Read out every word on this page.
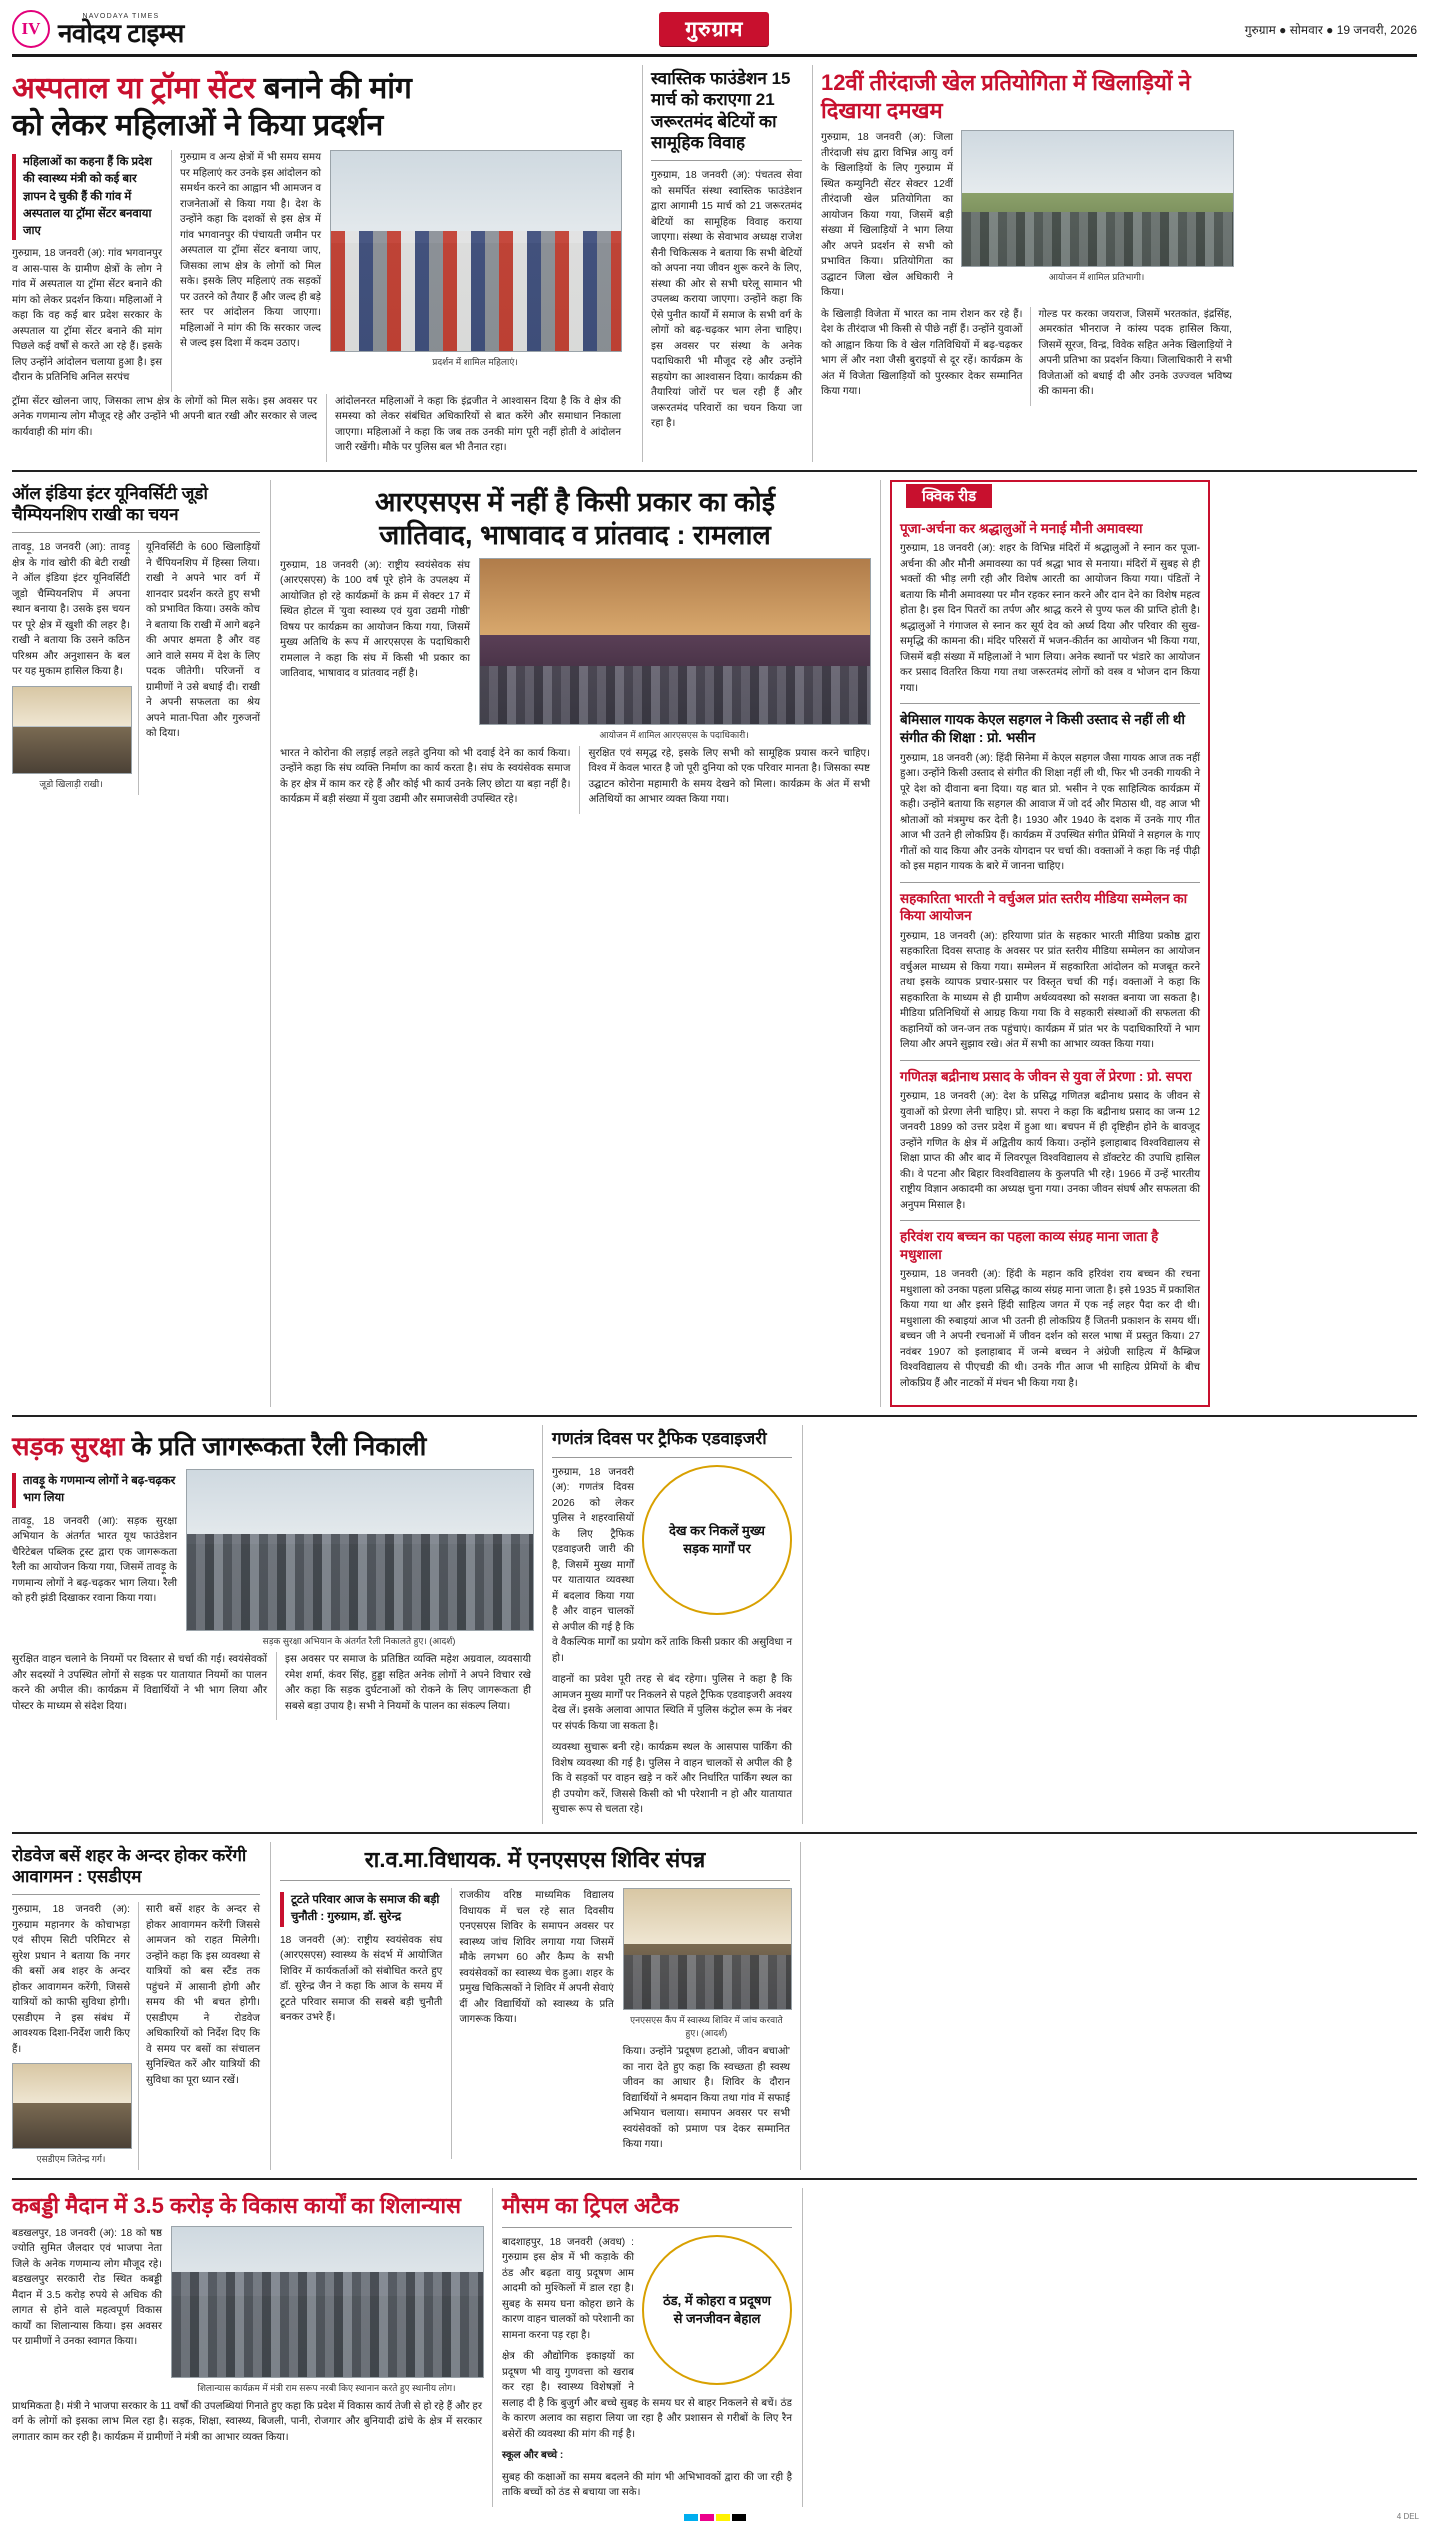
IV
NAVODAYA TIMES
नवोदय टाइम्स	गुरुग्राम	गुरुग्राम ● सोमवार ● 19 जनवरी, 2026
अस्पताल या ट्रॉमा सेंटर बनाने की मांग
को लेकर महिलाओं ने किया प्रदर्शन
महिलाओं का कहना हैं कि प्रदेश की स्वास्थ्य मंत्री को कई बार ज्ञापन दे चुकी हैं की गांव में अस्पताल या ट्रॉमा सेंटर बनवाया जाए

गुरुग्राम, 18 जनवरी (अ): गांव भगवानपुर व आस-पास के ग्रामीण क्षेत्रों के लोग ने गांव में अस्पताल या ट्रॉमा सेंटर बनाने की मांग को लेकर प्रदर्शन किया। महिलाओं ने कहा कि वह कई बार प्रदेश सरकार के अस्पताल या ट्रॉमा सेंटर बनाने की मांग पिछले कई वर्षों से करते आ रहे हैं। इसके लिए उन्होंने आंदोलन चलाया हुआ है। इस दौरान के प्रतिनिधि अनिल सरपंच

गुरुग्राम व अन्य क्षेत्रों में भी समय समय पर महिलाएं कर उनके इस आंदोलन को समर्थन करने का आह्वान भी आमजन व राजनेताओं से किया गया है। देश के उन्होंने कहा कि दशकों से इस क्षेत्र में गांव भगवानपुर की पंचायती जमीन पर अस्पताल या ट्रॉमा सेंटर बनाया जाए, जिसका लाभ क्षेत्र के लोगों को मिल सके। इसके लिए महिलाएं तक सड़कों पर उतरने को तैयार हैं और जल्द ही बड़े स्तर पर आंदोलन किया जाएगा। महिलाओं ने मांग की कि सरकार जल्द से जल्द इस दिशा में कदम उठाए।

प्रदर्शन में शामिल महिलाएं।

ट्रॉमा सेंटर खोलना जाए, जिसका लाभ क्षेत्र के लोगों को मिल सके। इस अवसर पर अनेक गणमान्य लोग मौजूद रहे और उन्होंने भी अपनी बात रखी और सरकार से जल्द कार्यवाही की मांग की।

आंदोलनरत महिलाओं ने कहा कि इंद्रजीत ने आश्वासन दिया है कि वे क्षेत्र की समस्या को लेकर संबंधित अधिकारियों से बात करेंगे और समाधान निकाला जाएगा। महिलाओं ने कहा कि जब तक उनकी मांग पूरी नहीं होती वे आंदोलन जारी रखेंगी। मौके पर पुलिस बल भी तैनात रहा।

स्वास्तिक फाउंडेशन 15 मार्च को कराएगा 21 जरूरतमंद बेटियों का सामूहिक विवाह

गुरुग्राम, 18 जनवरी (अ): पंचतत्व सेवा को समर्पित संस्था स्वास्तिक फाउंडेशन द्वारा आगामी 15 मार्च को 21 जरूरतमंद बेटियों का सामूहिक विवाह कराया जाएगा। संस्था के सेवाभाव अध्यक्ष राजेश सैनी चिकित्सक ने बताया कि सभी बेटियों को अपना नया जीवन शुरू करने के लिए, संस्था की ओर से सभी घरेलू सामान भी उपलब्ध कराया जाएगा। उन्होंने कहा कि ऐसे पुनीत कार्यों में समाज के सभी वर्ग के लोगों को बढ़-चढ़कर भाग लेना चाहिए। इस अवसर पर संस्था के अनेक पदाधिकारी भी मौजूद रहे और उन्होंने सहयोग का आश्वासन दिया। कार्यक्रम की तैयारियां जोरों पर चल रही हैं और जरूरतमंद परिवारों का चयन किया जा रहा है।

12वीं तीरंदाजी खेल प्रतियोगिता में खिलाड़ियों ने दिखाया दमखम

गुरुग्राम, 18 जनवरी (अ): जिला तीरंदाजी संघ द्वारा विभिन्न आयु वर्ग के खिलाड़ियों के लिए गुरुग्राम में स्थित कम्युनिटी सेंटर सेक्टर 12वीं तीरंदाजी खेल प्रतियोगिता का आयोजन किया गया, जिसमें बड़ी संख्या में खिलाड़ियों ने भाग लिया और अपने प्रदर्शन से सभी को प्रभावित किया। प्रतियोगिता का उद्घाटन जिला खेल अधिकारी ने किया।

आयोजन में शामिल प्रतिभागी।

के खिलाड़ी विजेता में भारत का नाम रोशन कर रहे हैं। देश के तीरंदाज भी किसी से पीछे नहीं हैं। उन्होंने युवाओं को आह्वान किया कि वे खेल गतिविधियों में बढ़-चढ़कर भाग लें और नशा जैसी बुराइयों से दूर रहें। कार्यक्रम के अंत में विजेता खिलाड़ियों को पुरस्कार देकर सम्मानित किया गया।

गोल्ड पर करका जयराज, जिसमें भरतकांत, इंद्रसिंह, अमरकांत भीनराज ने कांस्य पदक हासिल किया, जिसमें सूरज, विन्द्र, विवेक सहित अनेक खिलाड़ियों ने अपनी प्रतिभा का प्रदर्शन किया। जिलाधिकारी ने सभी विजेताओं को बधाई दी और उनके उज्ज्वल भविष्य की कामना की।

ऑल इंडिया इंटर यूनिवर्सिटी जूडो चैम्पियनशिप राखी का चयन

तावड़ू, 18 जनवरी (आ): तावड़ू क्षेत्र के गांव खोरी की बेटी राखी ने ऑल इंडिया इंटर यूनिवर्सिटी जूडो चैम्पियनशिप में अपना स्थान बनाया है। उसके इस चयन पर पूरे क्षेत्र में खुशी की लहर है। राखी ने बताया कि उसने कठिन परिश्रम और अनुशासन के बल पर यह मुकाम हासिल किया है।

जूडो खिलाड़ी राखी।

यूनिवर्सिटी के 600 खिलाड़ियों ने चैंपियनशिप में हिस्सा लिया। राखी ने अपने भार वर्ग में शानदार प्रदर्शन करते हुए सभी को प्रभावित किया। उसके कोच ने बताया कि राखी में आगे बढ़ने की अपार क्षमता है और वह आने वाले समय में देश के लिए पदक जीतेगी। परिजनों व ग्रामीणों ने उसे बधाई दी। राखी ने अपनी सफलता का श्रेय अपने माता-पिता और गुरुजनों को दिया।

आरएसएस में नहीं है किसी प्रकार का कोई
जातिवाद, भाषावाद व प्रांतवाद : रामलाल

गुरुग्राम, 18 जनवरी (अ): राष्ट्रीय स्वयंसेवक संघ (आरएसएस) के 100 वर्ष पूरे होने के उपलक्ष्य में आयोजित हो रहे कार्यक्रमों के क्रम में सेक्टर 17 में स्थित होटल में 'युवा स्वास्थ्य एवं युवा उद्यमी गोष्ठी' विषय पर कार्यक्रम का आयोजन किया गया, जिसमें मुख्य अतिथि के रूप में आरएसएस के पदाधिकारी रामलाल ने कहा कि संघ में किसी भी प्रकार का जातिवाद, भाषावाद व प्रांतवाद नहीं है।

आयोजन में शामिल आरएसएस के पदाधिकारी।

भारत ने कोरोना की लड़ाई लड़ते लड़ते दुनिया को भी दवाई देने का कार्य किया। उन्होंने कहा कि संघ व्यक्ति निर्माण का कार्य करता है। संघ के स्वयंसेवक समाज के हर क्षेत्र में काम कर रहे हैं और कोई भी कार्य उनके लिए छोटा या बड़ा नहीं है। कार्यक्रम में बड़ी संख्या में युवा उद्यमी और समाजसेवी उपस्थित रहे।

सुरक्षित एवं समृद्ध रहे, इसके लिए सभी को सामूहिक प्रयास करने चाहिए। विश्व में केवल भारत है जो पूरी दुनिया को एक परिवार मानता है। जिसका स्पष्ट उद्घाटन कोरोना महामारी के समय देखने को मिला। कार्यक्रम के अंत में सभी अतिथियों का आभार व्यक्त किया गया।

क्विक रीड
पूजा-अर्चना कर श्रद्धालुओं ने मनाई मौनी अमावस्या

गुरुग्राम, 18 जनवरी (अ): शहर के विभिन्न मंदिरों में श्रद्धालुओं ने स्नान कर पूजा-अर्चना की और मौनी अमावस्या का पर्व श्रद्धा भाव से मनाया। मंदिरों में सुबह से ही भक्तों की भीड़ लगी रही और विशेष आरती का आयोजन किया गया। पंडितों ने बताया कि मौनी अमावस्या पर मौन रहकर स्नान करने और दान देने का विशेष महत्व होता है। इस दिन पितरों का तर्पण और श्राद्ध करने से पुण्य फल की प्राप्ति होती है। श्रद्धालुओं ने गंगाजल से स्नान कर सूर्य देव को अर्घ्य दिया और परिवार की सुख-समृद्धि की कामना की। मंदिर परिसरों में भजन-कीर्तन का आयोजन भी किया गया, जिसमें बड़ी संख्या में महिलाओं ने भाग लिया। अनेक स्थानों पर भंडारे का आयोजन कर प्रसाद वितरित किया गया तथा जरूरतमंद लोगों को वस्त्र व भोजन दान किया गया।

बेमिसाल गायक केएल सहगल ने किसी उस्ताद से नहीं ली थी संगीत की शिक्षा : प्रो. भसीन

गुरुग्राम, 18 जनवरी (अ): हिंदी सिनेमा में केएल सहगल जैसा गायक आज तक नहीं हुआ। उन्होंने किसी उस्ताद से संगीत की शिक्षा नहीं ली थी, फिर भी उनकी गायकी ने पूरे देश को दीवाना बना दिया। यह बात प्रो. भसीन ने एक साहित्यिक कार्यक्रम में कही। उन्होंने बताया कि सहगल की आवाज में जो दर्द और मिठास थी, वह आज भी श्रोताओं को मंत्रमुग्ध कर देती है। 1930 और 1940 के दशक में उनके गाए गीत आज भी उतने ही लोकप्रिय हैं। कार्यक्रम में उपस्थित संगीत प्रेमियों ने सहगल के गाए गीतों को याद किया और उनके योगदान पर चर्चा की। वक्ताओं ने कहा कि नई पीढ़ी को इस महान गायक के बारे में जानना चाहिए।

सहकारिता भारती ने वर्चुअल प्रांत स्तरीय मीडिया सम्मेलन का किया आयोजन

गुरुग्राम, 18 जनवरी (अ): हरियाणा प्रांत के सहकार भारती मीडिया प्रकोष्ठ द्वारा सहकारिता दिवस सप्ताह के अवसर पर प्रांत स्तरीय मीडिया सम्मेलन का आयोजन वर्चुअल माध्यम से किया गया। सम्मेलन में सहकारिता आंदोलन को मजबूत करने तथा इसके व्यापक प्रचार-प्रसार पर विस्तृत चर्चा की गई। वक्ताओं ने कहा कि सहकारिता के माध्यम से ही ग्रामीण अर्थव्यवस्था को सशक्त बनाया जा सकता है। मीडिया प्रतिनिधियों से आग्रह किया गया कि वे सहकारी संस्थाओं की सफलता की कहानियों को जन-जन तक पहुंचाएं। कार्यक्रम में प्रांत भर के पदाधिकारियों ने भाग लिया और अपने सुझाव रखे। अंत में सभी का आभार व्यक्त किया गया।

गणितज्ञ बद्रीनाथ प्रसाद के जीवन से युवा लें प्रेरणा : प्रो. सपरा

गुरुग्राम, 18 जनवरी (अ): देश के प्रसिद्ध गणितज्ञ बद्रीनाथ प्रसाद के जीवन से युवाओं को प्रेरणा लेनी चाहिए। प्रो. सपरा ने कहा कि बद्रीनाथ प्रसाद का जन्म 12 जनवरी 1899 को उत्तर प्रदेश में हुआ था। बचपन में ही दृष्टिहीन होने के बावजूद उन्होंने गणित के क्षेत्र में अद्वितीय कार्य किया। उन्होंने इलाहाबाद विश्वविद्यालय से शिक्षा प्राप्त की और बाद में लिवरपूल विश्वविद्यालय से डॉक्टरेट की उपाधि हासिल की। वे पटना और बिहार विश्वविद्यालय के कुलपति भी रहे। 1966 में उन्हें भारतीय राष्ट्रीय विज्ञान अकादमी का अध्यक्ष चुना गया। उनका जीवन संघर्ष और सफलता की अनुपम मिसाल है।

हरिवंश राय बच्चन का पहला काव्य संग्रह माना जाता है मधुशाला

गुरुग्राम, 18 जनवरी (अ): हिंदी के महान कवि हरिवंश राय बच्चन की रचना मधुशाला को उनका पहला प्रसिद्ध काव्य संग्रह माना जाता है। इसे 1935 में प्रकाशित किया गया था और इसने हिंदी साहित्य जगत में एक नई लहर पैदा कर दी थी। मधुशाला की रुबाइयां आज भी उतनी ही लोकप्रिय हैं जितनी प्रकाशन के समय थीं। बच्चन जी ने अपनी रचनाओं में जीवन दर्शन को सरल भाषा में प्रस्तुत किया। 27 नवंबर 1907 को इलाहाबाद में जन्मे बच्चन ने अंग्रेजी साहित्य में कैम्ब्रिज विश्वविद्यालय से पीएचडी की थी। उनके गीत आज भी साहित्य प्रेमियों के बीच लोकप्रिय हैं और नाटकों में मंचन भी किया गया है।

सड़क सुरक्षा के प्रति जागरूकता रैली निकाली
तावड़ू के गणमान्य लोगों ने बढ़-चढ़कर भाग लिया

तावड़ू, 18 जनवरी (आ): सड़क सुरक्षा अभियान के अंतर्गत भारत यूथ फाउंडेशन चैरिटेबल पब्लिक ट्रस्ट द्वारा एक जागरूकता रैली का आयोजन किया गया, जिसमें तावड़ू के गणमान्य लोगों ने बढ़-चढ़कर भाग लिया। रैली को हरी झंडी दिखाकर रवाना किया गया।

सड़क सुरक्षा अभियान के अंतर्गत रैली निकालते हुए। (आदर्श)

सुरक्षित वाहन चलाने के नियमों पर विस्तार से चर्चा की गई। स्वयंसेवकों और सदस्यों ने उपस्थित लोगों से सड़क पर यातायात नियमों का पालन करने की अपील की। कार्यक्रम में विद्यार्थियों ने भी भाग लिया और पोस्टर के माध्यम से संदेश दिया।

इस अवसर पर समाज के प्रतिष्ठित व्यक्ति महेश अग्रवाल, व्यवसायी रमेश शर्मा, कंवर सिंह, हुड्डा सहित अनेक लोगों ने अपने विचार रखे और कहा कि सड़क दुर्घटनाओं को रोकने के लिए जागरूकता ही सबसे बड़ा उपाय है। सभी ने नियमों के पालन का संकल्प लिया।

गणतंत्र दिवस पर ट्रैफिक एडवाइजरी
देख कर निकलें मुख्य सड़क मार्गों पर

गुरुग्राम, 18 जनवरी (अ): गणतंत्र दिवस 2026 को लेकर पुलिस ने शहरवासियों के लिए ट्रैफिक एडवाइजरी जारी की है, जिसमें मुख्य मार्गों पर यातायात व्यवस्था में बदलाव किया गया है और वाहन चालकों से अपील की गई है कि वे वैकल्पिक मार्गों का प्रयोग करें ताकि किसी प्रकार की असुविधा न हो।

वाहनों का प्रवेश पूरी तरह से बंद रहेगा। पुलिस ने कहा है कि आमजन मुख्य मार्गों पर निकलने से पहले ट्रैफिक एडवाइजरी अवश्य देख लें। इसके अलावा आपात स्थिति में पुलिस कंट्रोल रूम के नंबर पर संपर्क किया जा सकता है।

व्यवस्था सुचारू बनी रहे। कार्यक्रम स्थल के आसपास पार्किंग की विशेष व्यवस्था की गई है। पुलिस ने वाहन चालकों से अपील की है कि वे सड़कों पर वाहन खड़े न करें और निर्धारित पार्किंग स्थल का ही उपयोग करें, जिससे किसी को भी परेशानी न हो और यातायात सुचारू रूप से चलता रहे।

रोडवेज बसें शहर के अन्दर होकर करेंगी आवागमन : एसडीएम

गुरुग्राम, 18 जनवरी (अ): गुरुग्राम महानगर के कोचाभड़ा एवं सीएम सिटी परिमिटर से सुरेश प्रधान ने बताया कि नगर की बसों अब शहर के अन्दर होकर आवागमन करेंगी, जिससे यात्रियों को काफी सुविधा होगी। एसडीएम ने इस संबंध में आवश्यक दिशा-निर्देश जारी किए हैं।

एसडीएम जितेन्द्र गर्ग।

सारी बसें शहर के अन्दर से होकर आवागमन करेंगी जिससे आमजन को राहत मिलेगी। उन्होंने कहा कि इस व्यवस्था से यात्रियों को बस स्टैंड तक पहुंचने में आसानी होगी और समय की भी बचत होगी। एसडीएम ने रोडवेज अधिकारियों को निर्देश दिए कि वे समय पर बसों का संचालन सुनिश्चित करें और यात्रियों की सुविधा का पूरा ध्यान रखें।

रा.व.मा.विधायक. में एनएसएस शिविर संपन्न
टूटते परिवार आज के समाज की बड़ी चुनौती : गुरुग्राम, डॉ. सुरेन्द्र

18 जनवरी (अ): राष्ट्रीय स्वयंसेवक संघ (आरएसएस) स्वास्थ्य के संदर्भ में आयोजित शिविर में कार्यकर्ताओं को संबोधित करते हुए डॉ. सुरेन्द्र जैन ने कहा कि आज के समय में टूटते परिवार समाज की सबसे बड़ी चुनौती बनकर उभरे हैं।

राजकीय वरिष्ठ माध्यमिक विद्यालय विधायक में चल रहे सात दिवसीय एनएसएस शिविर के समापन अवसर पर स्वास्थ्य जांच शिविर लगाया गया जिसमें मौके लगभग 60 और कैम्प के सभी स्वयंसेवकों का स्वास्थ्य चेक हुआ। शहर के प्रमुख चिकित्सकों ने शिविर में अपनी सेवाएं दीं और विद्यार्थियों को स्वास्थ्य के प्रति जागरूक किया।	एनएसएस कैंप में स्वास्थ्य शिविर में जांच करवाते हुए। (आदर्श)

किया। उन्होंने 'प्रदूषण हटाओ, जीवन बचाओ' का नारा देते हुए कहा कि स्वच्छता ही स्वस्थ जीवन का आधार है। शिविर के दौरान विद्यार्थियों ने श्रमदान किया तथा गांव में सफाई अभियान चलाया। समापन अवसर पर सभी स्वयंसेवकों को प्रमाण पत्र देकर सम्मानित किया गया।

कबड्डी मैदान में 3.5 करोड़ के विकास कार्यों का शिलान्यास

बडखलपुर, 18 जनवरी (अ): 18 को षष्ठ ज्योति सुमित जैलदार एवं भाजपा नेता जिले के अनेक गणमान्य लोग मौजूद रहे। बडखलपुर सरकारी रोड स्थित कबड्डी मैदान में 3.5 करोड़ रुपये से अधिक की लागत से होने वाले महत्वपूर्ण विकास कार्यों का शिलान्यास किया। इस अवसर पर ग्रामीणों ने उनका स्वागत किया।

शिलान्यास कार्यक्रम में मंत्री राम सरूप नरबी किए स्थानान करते हुए स्थानीय लोग।

प्राथमिकता है। मंत्री ने भाजपा सरकार के 11 वर्षों की उपलब्धियां गिनाते हुए कहा कि प्रदेश में विकास कार्य तेजी से हो रहे हैं और हर वर्ग के लोगों को इसका लाभ मिल रहा है। सड़क, शिक्षा, स्वास्थ्य, बिजली, पानी, रोजगार और बुनियादी ढांचे के क्षेत्र में सरकार लगातार काम कर रही है। कार्यक्रम में ग्रामीणों ने मंत्री का आभार व्यक्त किया।

मौसम का ट्रिपल अटैक
ठंड, में कोहरा व प्रदूषण से जनजीवन बेहाल

बादशाहपुर, 18 जनवरी (अवध) : गुरुग्राम इस क्षेत्र में भी कड़ाके की ठंड और बढ़ता वायु प्रदूषण आम आदमी को मुश्किलों में डाल रहा है। सुबह के समय घना कोहरा छाने के कारण वाहन चालकों को परेशानी का सामना करना पड़ रहा है।

क्षेत्र की औद्योगिक इकाइयों का प्रदूषण भी वायु गुणवत्ता को खराब कर रहा है। स्वास्थ्य विशेषज्ञों ने सलाह दी है कि बुजुर्ग और बच्चे सुबह के समय घर से बाहर निकलने से बचें। ठंड के कारण अलाव का सहारा लिया जा रहा है और प्रशासन से गरीबों के लिए रैन बसेरों की व्यवस्था की मांग की गई है।

स्कूल और बच्चे :

सुबह की कक्षाओं का समय बदलने की मांग भी अभिभावकों द्वारा की जा रही है ताकि बच्चों को ठंड से बचाया जा सके।

4 DEL
